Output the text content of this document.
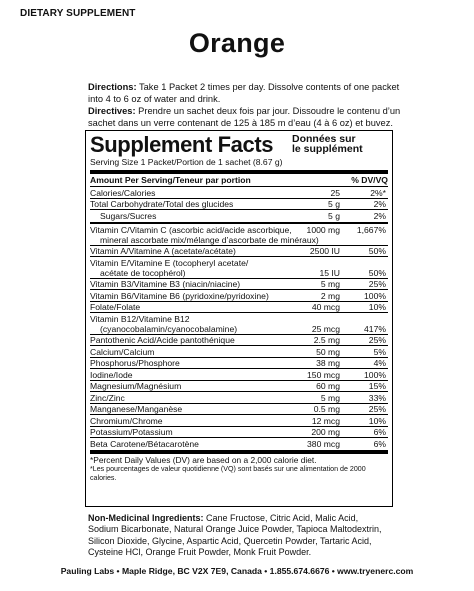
DIETARY SUPPLEMENT
Orange
Directions: Take 1 Packet 2 times per day. Dissolve contents of one packet into 4 to 6 oz of water and drink.
Directives: Prendre un sachet deux fois par jour. Dissoudre le contenu d’un sachet dans un verre contenant de 125 à 185 m d’eau (4 à 6 oz) et buvez.
Supplement Facts Données sur
le supplément
Serving Size 1 Packet/Portion de 1 sachet (8.67 g)
Amount Per Serving/Teneur par portion	% DV/VQ
Calories/Calories	25	2%*
Total Carbohydrate/Total des glucides	5 g	2%
Sugars/Sucres	5 g	2%
Vitamin C/Vitamin C (ascorbic acid/acide ascorbique,
mineral ascorbate mix/mélange d’ascorbate de minéraux)
1000 mg 1,667%
Vitamin A/Vitamine A (acetate/acétate)	2500 IU	50%
Vitamin E/Vitamine E (tocopheryl acetate/
acétate de tocophérol)	15 IU	50%
Vitamin B3/Vitamine B3 (niacin/niacine)	5 mg	25%
Vitamin B6/Vitamine B6 (pyridoxine/pyridoxine)	2 mg	100%
Folate/Folate	40 mcg	10%
Vitamin B12/Vitamine B12
(cyanocobalamin/cyanocobalamine)	25 mcg	417%
Pantothenic Acid/Acide pantothénique	2.5 mg	25%
Calcium/Calcium	50 mg	5%
Phosphorus/Phosphore	38 mg	4%
Iodine/Iode	150 mcg	100%
Magnesium/Magnésium	60 mg	15%
Zinc/Zinc	5 mg	33%
Manganese/Manganèse	0.5 mg	25%
Chromium/Chrome	12 mcg	10%
Potassium/Potassium	200 mg	6%
Beta Carotene/Bétacarotène	380 mcg	6%
*Percent Daily Values (DV) are based on a 2,000 calorie diet.
*Les pourcentages de valeur quotidienne (VQ) sont basés sur une alimentation de 2000 calories.
Non-Medicinal Ingredients: Cane Fructose, Citric Acid, Malic Acid, Sodium Bicarbonate, Natural Orange Juice Powder, Tapioca Maltodextrin, Silicon Dioxide, Glycine, Aspartic Acid, Quercetin Powder, Tartaric Acid, Cysteine HCl, Orange Fruit Powder, Monk Fruit Powder.
Pauling Labs • Maple Ridge, BC V2X 7E9, Canada • 1.855.674.6676 • www.tryenerc.com
